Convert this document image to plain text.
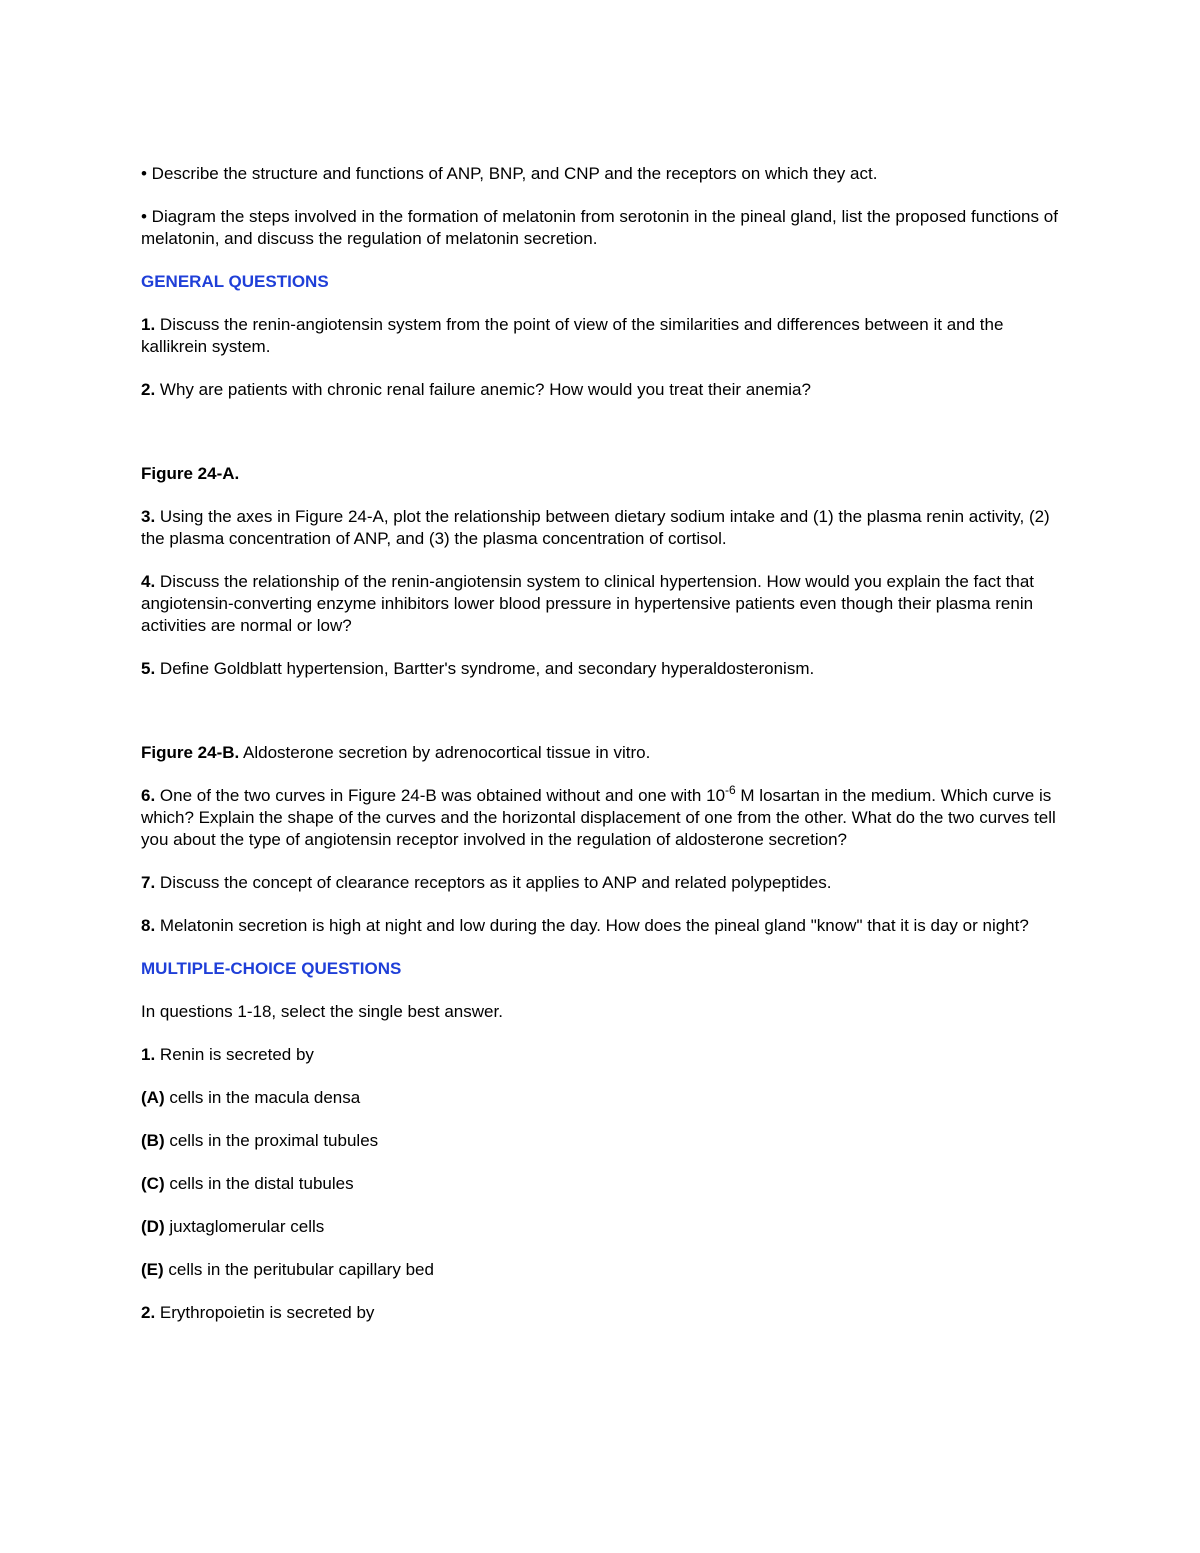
• Describe the structure and functions of ANP, BNP, and CNP and the receptors on which they act.

• Diagram the steps involved in the formation of melatonin from serotonin in the pineal gland, list the proposed functions of melatonin, and discuss the regulation of melatonin secretion.

GENERAL QUESTIONS

1. Discuss the renin-angiotensin system from the point of view of the similarities and differences between it and the kallikrein system.

2. Why are patients with chronic renal failure anemic? How would you treat their anemia?

Figure 24-A.

3. Using the axes in Figure 24-A, plot the relationship between dietary sodium intake and (1) the plasma renin activity, (2) the plasma concentration of ANP, and (3) the plasma concentration of cortisol.

4. Discuss the relationship of the renin-angiotensin system to clinical hypertension. How would you explain the fact that angiotensin-converting enzyme inhibitors lower blood pressure in hypertensive patients even though their plasma renin activities are normal or low?

5. Define Goldblatt hypertension, Bartter's syndrome, and secondary hyperaldosteronism.

Figure 24-B. Aldosterone secretion by adrenocortical tissue in vitro.

6. One of the two curves in Figure 24-B was obtained without and one with $10^{-6}$ M losartan in the medium. Which curve is which? Explain the shape of the curves and the horizontal displacement of one from the other. What do the two curves tell you about the type of angiotensin receptor involved in the regulation of aldosterone secretion?

7. Discuss the concept of clearance receptors as it applies to ANP and related polypeptides.

8. Melatonin secretion is high at night and low during the day. How does the pineal gland "know" that it is day or night?

MULTIPLE-CHOICE QUESTIONS

In questions 1-18, select the single best answer.

1. Renin is secreted by

(A) cells in the macula densa

(B) cells in the proximal tubules

(C) cells in the distal tubules

(D) juxtaglomerular cells

(E) cells in the peritubular capillary bed

2. Erythropoietin is secreted by
